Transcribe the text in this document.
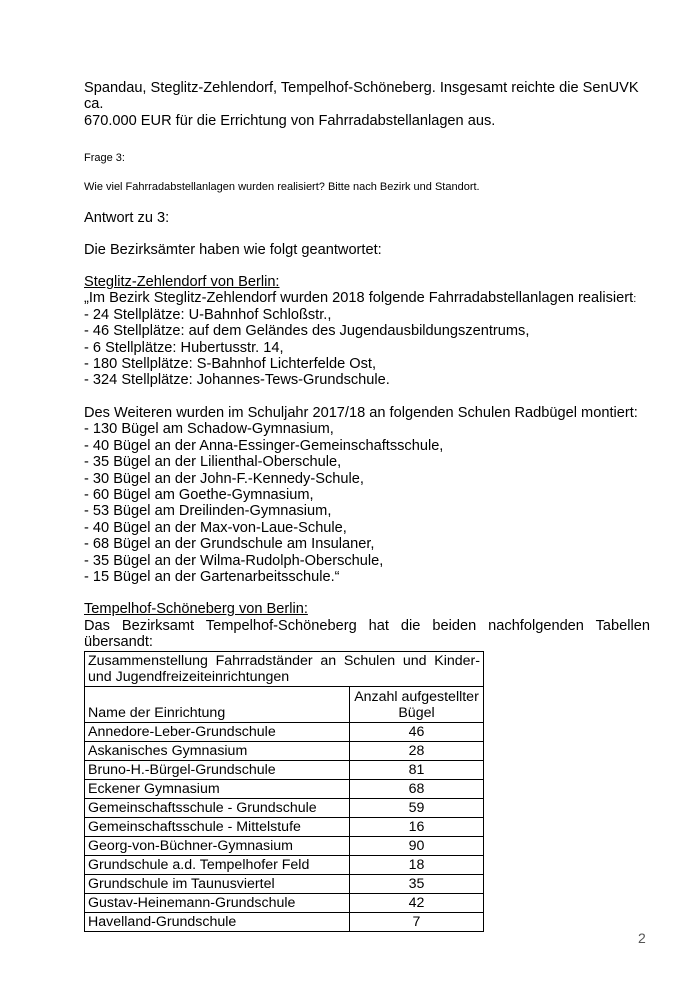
Spandau, Steglitz-Zehlendorf, Tempelhof-Schöneberg. Insgesamt reichte die SenUVK ca.
670.000 EUR für die Errichtung von Fahrradabstellanlagen aus.

Frage 3:

Wie viel Fahrradabstellanlagen wurden realisiert? Bitte nach Bezirk und Standort.

Antwort zu 3:

Die Bezirksämter haben wie folgt geantwortet:

Steglitz-Zehlendorf von Berlin:

„Im Bezirk Steglitz-Zehlendorf wurden 2018 folgende Fahrradabstellanlagen realisiert:
- 24 Stellplätze: U-Bahnhof Schloßstr.,
- 46 Stellplätze: auf dem Geländes des Jugendausbildungszentrums,
- 6 Stellplätze: Hubertusstr. 14,
- 180 Stellplätze: S-Bahnhof Lichterfelde Ost,
- 324 Stellplätze: Johannes-Tews-Grundschule.
Des Weiteren wurden im Schuljahr 2017/18 an folgenden Schulen Radbügel montiert:
- 130 Bügel am Schadow-Gymnasium,
- 40 Bügel an der Anna-Essinger-Gemeinschaftsschule,
- 35 Bügel an der Lilienthal-Oberschule,
- 30 Bügel an der John-F.-Kennedy-Schule,
- 60 Bügel am Goethe-Gymnasium,
- 53 Bügel am Dreilinden-Gymnasium,
- 40 Bügel an der Max-von-Laue-Schule,
- 68 Bügel an der Grundschule am Insulaner,
- 35 Bügel an der Wilma-Rudolph-Oberschule,
- 15 Bügel an der Gartenarbeitsschule.“

Tempelhof-Schöneberg von Berlin:

Das Bezirksamt Tempelhof-Schöneberg hat die beiden nachfolgenden Tabellen übersandt:

Zusammenstellung Fahrradständer an Schulen und Kinder- und Jugendfreizeiteinrichtungen	
Name der Einrichtung	Anzahl aufgestellter Bügel
Annedore-Leber-Grundschule	46
Askanisches Gymnasium	28
Bruno-H.-Bürgel-Grundschule	81
Eckener Gymnasium	68
Gemeinschaftsschule - Grundschule	59
Gemeinschaftsschule - Mittelstufe	16
Georg-von-Büchner-Gymnasium	90
Grundschule a.d. Tempelhofer Feld	18
Grundschule im Taunusviertel	35
Gustav-Heinemann-Grundschule	42
Havelland-Grundschule	7
2
